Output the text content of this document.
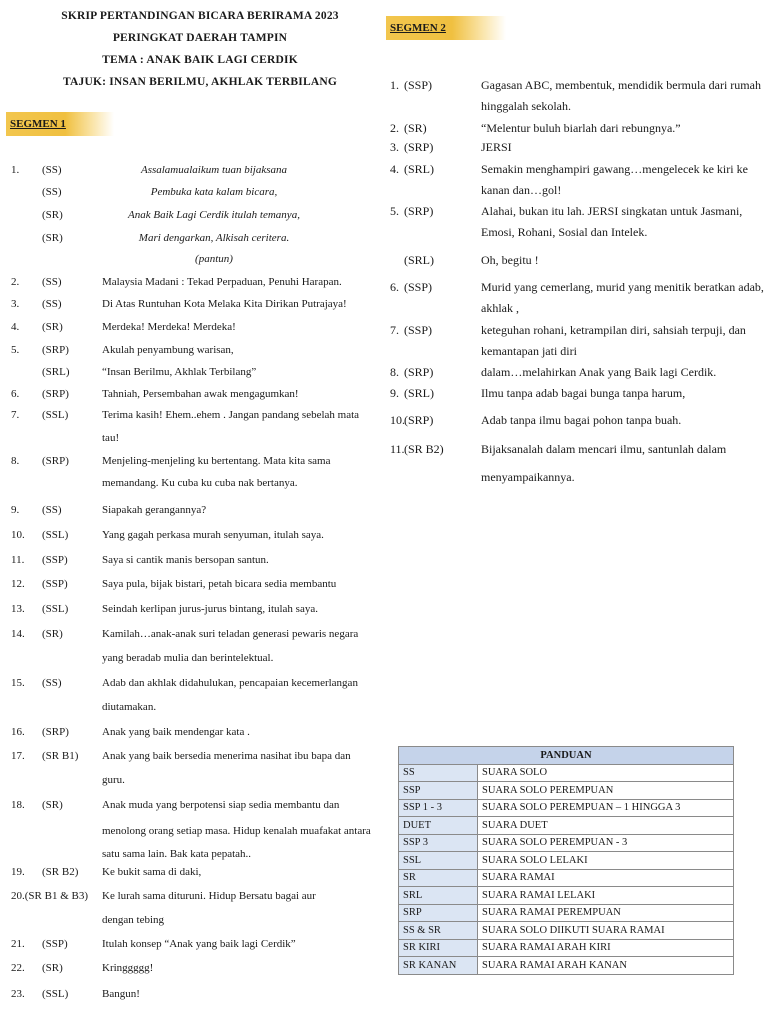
SKRIP PERTANDINGAN BICARA BERIRAMA 2023
PERINGKAT DAERAH TAMPIN
TEMA : ANAK BAIK LAGI CERDIK
TAJUK: INSAN BERILMU, AKHLAK TERBILANG
SEGMEN 1
SEGMEN 2
1. (SS)	Assalamualaikum tuan bijaksana
(SS)	Pembuka kata kalam bicara,
(SR)	Anak Baik Lagi Cerdik itulah temanya,
(SR)	Mari dengarkan, Alkisah ceritera.
(pantun)
2. (SS)	Malaysia Madani : Tekad Perpaduan, Penuhi Harapan.
3. (SS)	Di Atas Runtuhan Kota Melaka Kita Dirikan Putrajaya!
4. (SR)	Merdeka! Merdeka! Merdeka!
5. (SRP)	Akulah penyambung warisan,
(SRL)	“Insan Berilmu, Akhlak Terbilang”
6. (SRP)	Tahniah, Persembahan awak mengagumkan!
7. (SSL)	Terima kasih! Ehem..ehem . Jangan pandang sebelah mata
tau!
8. (SRP)	Menjeling-menjeling ku bertentang. Mata kita sama
memandang. Ku cuba ku cuba nak bertanya.
9. (SS)	Siapakah gerangannya?
10. (SSL)	Yang gagah perkasa murah senyuman, itulah saya.
11. (SSP)	Saya si cantik manis bersopan santun.
12. (SSP)	Saya pula, bijak bistari, petah bicara sedia membantu
13. (SSL)	Seindah kerlipan jurus-jurus bintang, itulah saya.
14. (SR)	Kamilah…anak-anak suri teladan generasi pewaris negara
yang beradab mulia dan berintelektual.
15. (SS)	Adab dan akhlak didahulukan, pencapaian kecemerlangan
diutamakan.
16. (SRP)	Anak yang baik mendengar kata .
17. (SR B1) Anak yang baik bersedia menerima nasihat ibu bapa dan
guru.
18. (SR)	Anak muda yang berpotensi siap sedia membantu dan
menolong orang setiap masa. Hidup kenalah muafakat antara
satu sama lain. Bak kata pepatah..
19. (SR B2) Ke bukit sama di daki,
20.(SR B1 & B3) Ke lurah sama dituruni. Hidup Bersatu bagai aur
dengan tebing
21. (SSP)	Itulah konsep “Anak yang baik lagi Cerdik”
22. (SR)	Kringgggg!
23. (SSL)	Bangun!
1. (SSP)	Gagasan ABC, membentuk, mendidik bermula dari rumah
hinggalah sekolah.
2. (SR)	“Melentur buluh biarlah dari rebungnya.”
3. (SRP)	JERSI
4. (SRL)	Semakin menghampiri gawang…mengelecek ke kiri ke
kanan dan…gol!
5. (SRP)	Alahai, bukan itu lah. JERSI singkatan untuk Jasmani,
Emosi, Rohani, Sosial dan Intelek.
(SRL)	Oh, begitu !
6. (SSP)	Murid yang cemerlang, murid yang menitik beratkan adab,
akhlak ,
7. (SSP)	keteguhan rohani, ketrampilan diri, sahsiah terpuji, dan
kemantapan jati diri
8. (SRP)	dalam…melahirkan Anak yang Baik lagi Cerdik.
9. (SRL)	Ilmu tanpa adab bagai bunga tanpa harum,
10. (SRP)	Adab tanpa ilmu bagai pohon tanpa buah.
11. (SR B2)	Bijaksanalah dalam mencari ilmu, santunlah dalam
menyampaikannya.
PANDUAN	
SS	SUARA SOLO
SSP	SUARA SOLO PEREMPUAN
SSP 1 - 3	SUARA SOLO PEREMPUAN – 1 HINGGA 3
DUET	SUARA DUET
SSP 3	SUARA SOLO PEREMPUAN - 3
SSL	SUARA SOLO LELAKI
SR	SUARA RAMAI
SRL	SUARA RAMAI LELAKI
SRP	SUARA RAMAI PEREMPUAN
SS & SR	SUARA SOLO DIIKUTI SUARA RAMAI
SR KIRI	SUARA RAMAI ARAH KIRI
SR KANAN	SUARA RAMAI ARAH KANAN
